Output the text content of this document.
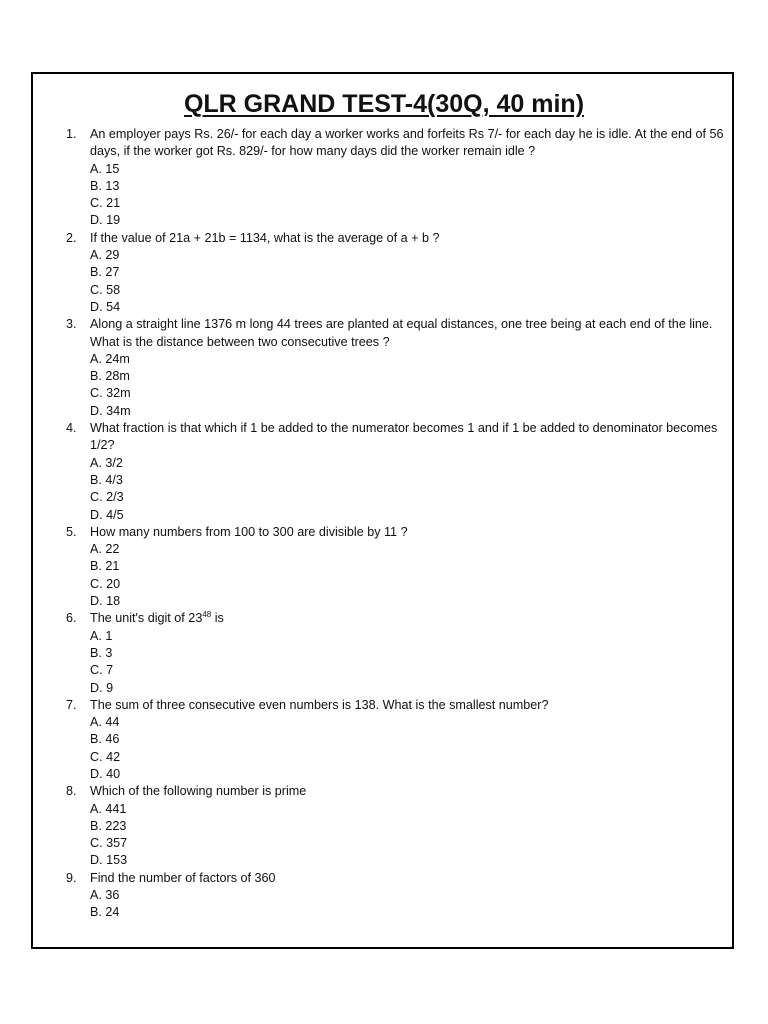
QLR GRAND TEST-4(30Q, 40 min)
1. An employer pays Rs. 26/- for each day a worker works and forfeits Rs 7/- for each day he is idle. At the end of 56 days, if the worker got Rs. 829/- for how many days did the worker remain idle ?
A. 15
B. 13
C. 21
D. 19
2. If the value of 21a + 21b = 1134, what is the average of a + b ?
A. 29
B. 27
C. 58
D. 54
3. Along a straight line 1376 m long 44 trees are planted at equal distances, one tree being at each end of the line. What is the distance between two consecutive trees ?
A. 24m
B. 28m
C. 32m
D. 34m
4. What fraction is that which if 1 be added to the numerator becomes 1 and if 1 be added to denominator becomes 1/2?
A. 3/2
B. 4/3
C. 2/3
D. 4/5
5. How many numbers from 100 to 300 are divisible by 11 ?
A. 22
B. 21
C. 20
D. 18
6. The unit's digit of $23^{48}$ is
A. 1
B. 3
C. 7
D. 9
7. The sum of three consecutive even numbers is 138. What is the smallest number?
A. 44
B. 46
C. 42
D. 40
8. Which of the following number is prime
A. 441
B. 223
C. 357
D. 153
9. Find the number of factors of 360
A. 36
B. 24
